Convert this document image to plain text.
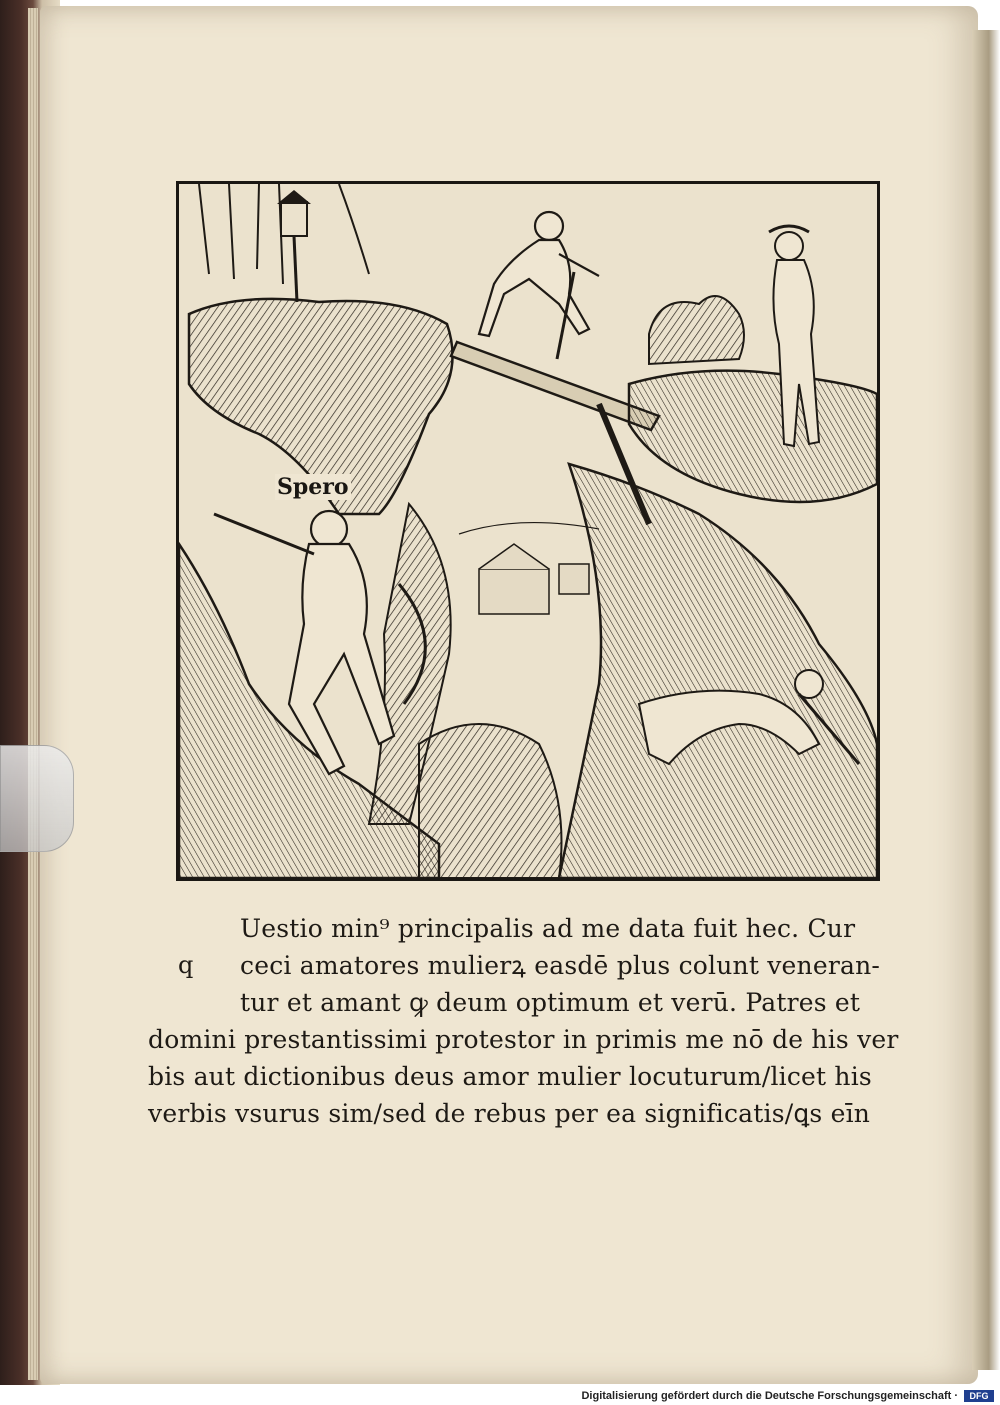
Spero
q
Uestio min⁹ principalis ad me data fuit hec. Cur
ceci amatores mulierꝝ easdē plus colunt veneran-
tur et amant ꝙ deum optimum et verū. Patres et
domini prestantissimi protestor in primis me nō de his ver
bis aut dictionibus deus amor mulier locuturum/licet his
verbis vsurus sim/sed de rebus per ea significatis/ꝗs eīn
Digitalisierung gefördert durch die Deutsche Forschungsgemeinschaft ·	DFG
